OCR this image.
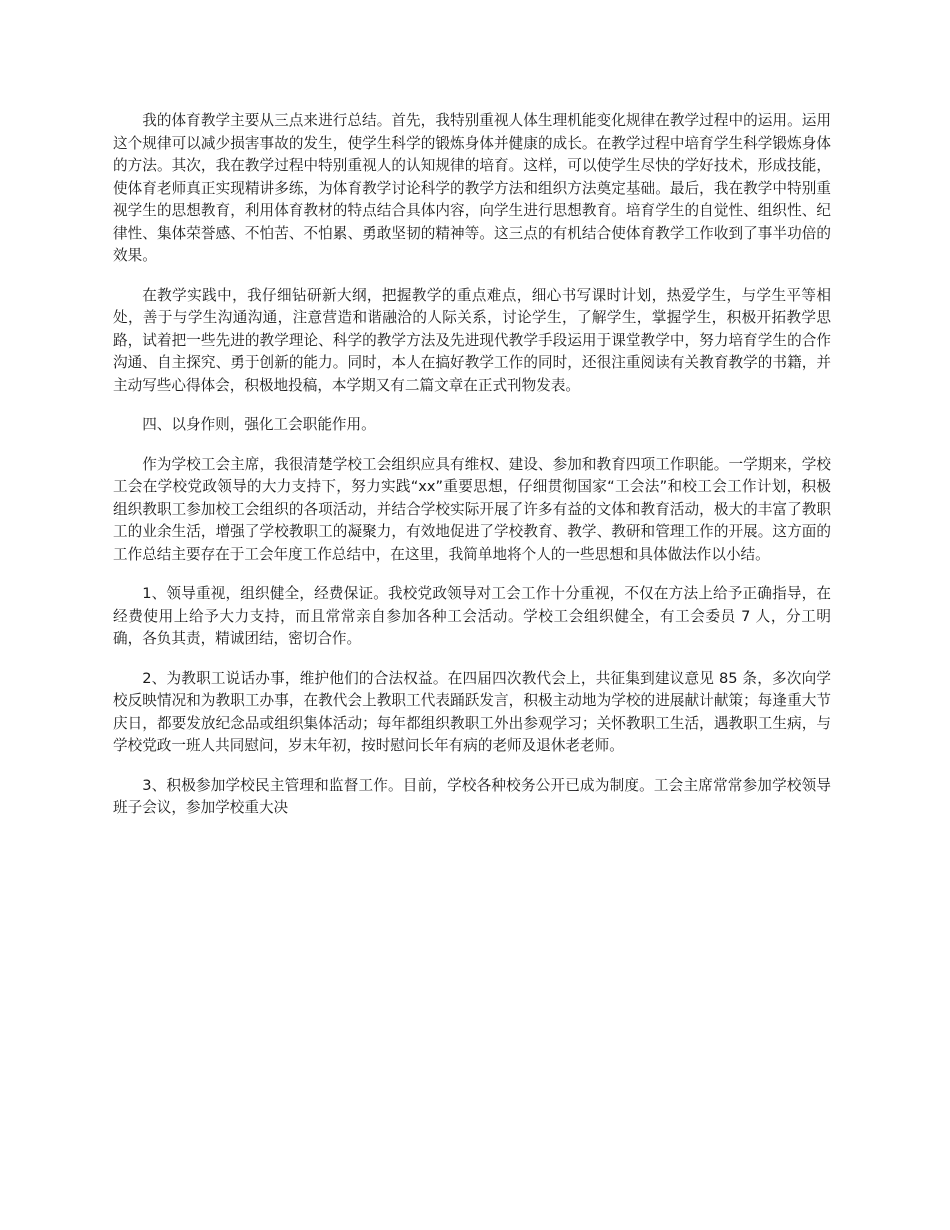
我的体育教学主要从三点来进行总结。首先，我特别重视人体生理机能变化规律在教学过程中的运用。运用这个规律可以减少损害事故的发生，使学生科学的锻炼身体并健康的成长。在教学过程中培育学生科学锻炼身体的方法。其次，我在教学过程中特别重视人的认知规律的培育。这样，可以使学生尽快的学好技术，形成技能，使体育老师真正实现精讲多练，为体育教学讨论科学的教学方法和组织方法奠定基础。最后，我在教学中特别重视学生的思想教育，利用体育教材的特点结合具体内容，向学生进行思想教育。培育学生的自觉性、组织性、纪律性、集体荣誉感、不怕苦、不怕累、勇敢坚韧的精神等。这三点的有机结合使体育教学工作收到了事半功倍的效果。

在教学实践中，我仔细钻研新大纲，把握教学的重点难点，细心书写课时计划，热爱学生，与学生平等相处，善于与学生沟通沟通，注意营造和谐融洽的人际关系，讨论学生，了解学生，掌握学生，积极开拓教学思路，试着把一些先进的教学理论、科学的教学方法及先进现代教学手段运用于课堂教学中，努力培育学生的合作沟通、自主探究、勇于创新的能力。同时，本人在搞好教学工作的同时，还很注重阅读有关教育教学的书籍，并主动写些心得体会，积极地投稿，本学期又有二篇文章在正式刊物发表。

四、以身作则，强化工会职能作用。

作为学校工会主席，我很清楚学校工会组织应具有维权、建设、参加和教育四项工作职能。一学期来，学校工会在学校党政领导的大力支持下，努力实践“xx”重要思想，仔细贯彻国家“工会法”和校工会工作计划，积极组织教职工参加校工会组织的各项活动，并结合学校实际开展了许多有益的文体和教育活动，极大的丰富了教职工的业余生活，增强了学校教职工的凝聚力，有效地促进了学校教育、教学、教研和管理工作的开展。这方面的工作总结主要存在于工会年度工作总结中，在这里，我简单地将个人的一些思想和具体做法作以小结。

1、领导重视，组织健全，经费保证。我校党政领导对工会工作十分重视，不仅在方法上给予正确指导，在经费使用上给予大力支持，而且常常亲自参加各种工会活动。学校工会组织健全，有工会委员 7 人，分工明确，各负其责，精诚团结，密切合作。

2、为教职工说话办事，维护他们的合法权益。在四届四次教代会上，共征集到建议意见 85 条，多次向学校反映情况和为教职工办事，在教代会上教职工代表踊跃发言，积极主动地为学校的进展献计献策；每逢重大节庆日，都要发放纪念品或组织集体活动；每年都组织教职工外出参观学习；关怀教职工生活，遇教职工生病，与学校党政一班人共同慰问，岁末年初，按时慰问长年有病的老师及退休老老师。

3、积极参加学校民主管理和监督工作。目前，学校各种校务公开已成为制度。工会主席常常参加学校领导班子会议，参加学校重大决
